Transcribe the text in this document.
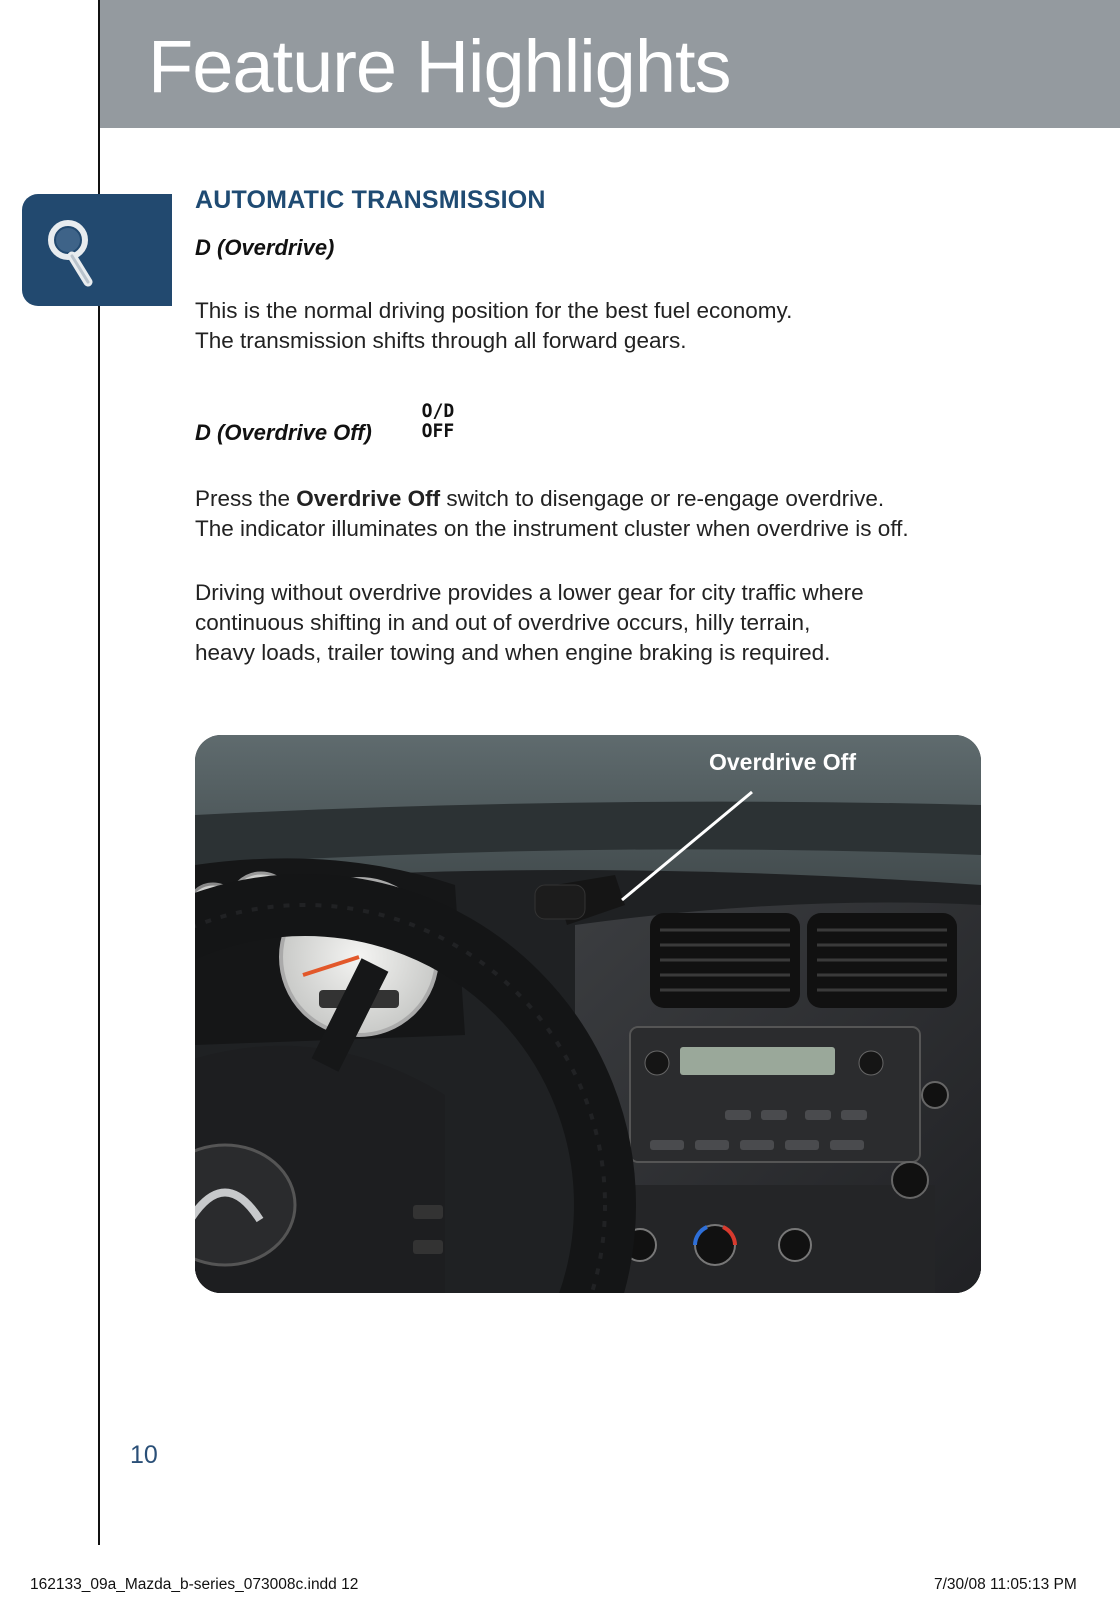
Feature Highlights
AUTOMATIC TRANSMISSION
D (Overdrive)

This is the normal driving position for the best fuel economy.
The transmission shifts through all forward gears.

D (Overdrive Off)
O/D
OFF

Press the Overdrive Off switch to disengage or re-engage overdrive.
The indicator illuminates on the instrument cluster when overdrive is off.

Driving without overdrive provides a lower gear for city traffic where
continuous shifting in and out of overdrive occurs, hilly terrain,
heavy loads, trailer towing and when engine braking is required.

Overdrive Off
10
162133_09a_Mazda_b-series_073008c.indd 12	7/30/08 11:05:13 PM
